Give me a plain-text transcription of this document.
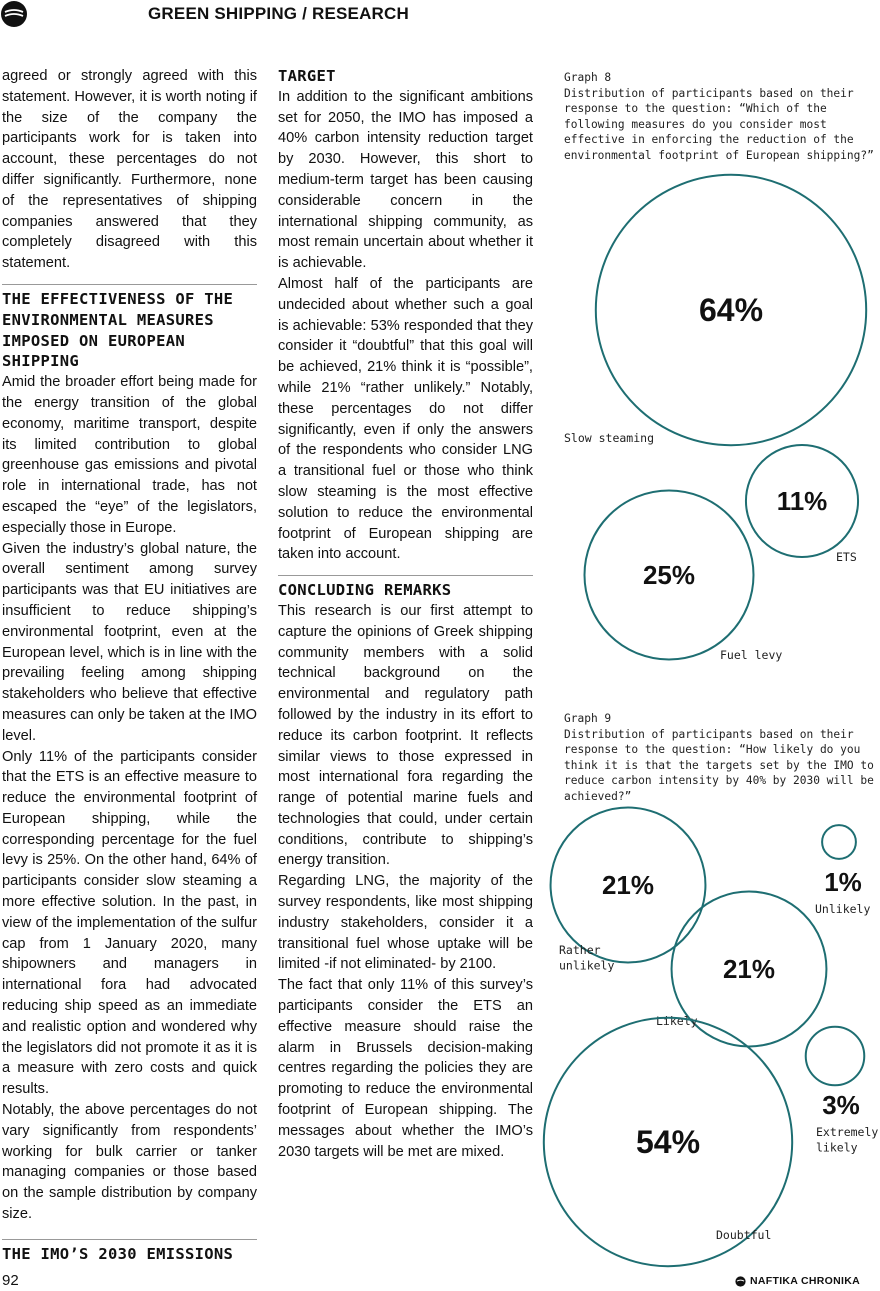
GREEN SHIPPING / RESEARCH

agreed or strongly agreed with this statement. However, it is worth noting if the size of the company the participants work for is taken into account, these percentages do not differ significantly. Furthermore, none of the representatives of shipping companies answered that they completely disagreed with this statement.

THE EFFECTIVENESS OF THE ENVIRONMENTAL MEASURES IMPOSED ON EUROPEAN SHIPPING

Amid the broader effort being made for the energy transition of the global economy, maritime transport, despite its limited contribution to global greenhouse gas emissions and pivotal role in international trade, has not escaped the “eye” of the legislators, especially those in Europe.

Given the industry’s global nature, the overall sentiment among survey participants was that EU initiatives are insufficient to reduce shipping’s environmental footprint, even at the European level, which is in line with the prevailing feeling among shipping stakeholders who believe that effective measures can only be taken at the IMO level.

Only 11% of the participants consider that the ETS is an effective measure to reduce the environmental footprint of European shipping, while the corresponding percentage for the fuel levy is 25%. On the other hand, 64% of participants consider slow steaming a more effective solution. In the past, in view of the implementation of the sulfur cap from 1 January 2020, many shipowners and managers in international fora had advocated reducing ship speed as an immediate and realistic option and wondered why the legislators did not promote it as it is a measure with zero costs and quick results.

Notably, the above percentages do not vary significantly from respondents’ working for bulk carrier or tanker managing companies or those based on the sample distribution by company size.

THE IMO’S 2030 EMISSIONS
TARGET

In addition to the significant ambitions set for 2050, the IMO has imposed a 40% carbon intensity reduction target by 2030. However, this short to medium-term target has been causing considerable concern in the international shipping community, as most remain uncertain about whether it is achievable.

Almost half of the participants are undecided about whether such a goal is achievable: 53% responded that they consider it “doubtful” that this goal will be achieved, 21% think it is “possible”, while 21% “rather unlikely.” Notably, these percentages do not differ significantly, even if only the answers of the respondents who consider LNG a transitional fuel or those who think slow steaming is the most effective solution to reduce the environmental footprint of European shipping are taken into account.

CONCLUDING REMARKS

This research is our first attempt to capture the opinions of Greek shipping community members with a solid technical background on the environmental and regulatory path followed by the industry in its effort to reduce its carbon footprint. It reflects similar views to those expressed in most international fora regarding the range of potential marine fuels and technologies that could, under certain conditions, contribute to shipping’s energy transition.

Regarding LNG, the majority of the survey respondents, like most shipping industry stakeholders, consider it a transitional fuel whose uptake will be limited -if not eliminated- by 2100.

The fact that only 11% of this survey’s participants consider the ETS an effective measure should raise the alarm in Brussels decision-making centres regarding the policies they are promoting to reduce the environmental footprint of European shipping. The messages about whether the IMO’s 2030 targets will be met are mixed.

Graph 8

Distribution of participants based on their response to the question: “Which of the following measures do you consider most effective in enforcing the reduction of the environmental footprint of European shipping?”

Graph 9

Distribution of participants based on their response to the question: “How likely do you think it is that the targets set by the IMO to reduce carbon intensity by 40% by 2030 will be achieved?”

64%
Slow steaming
11%
ETS
25%
Fuel levy
21%
Rather
unlikely
1%
Unlikely
21%
Likely
3%
Extremely
likely
54%
Doubtful
92	NAFTIKA CHRONIKA
